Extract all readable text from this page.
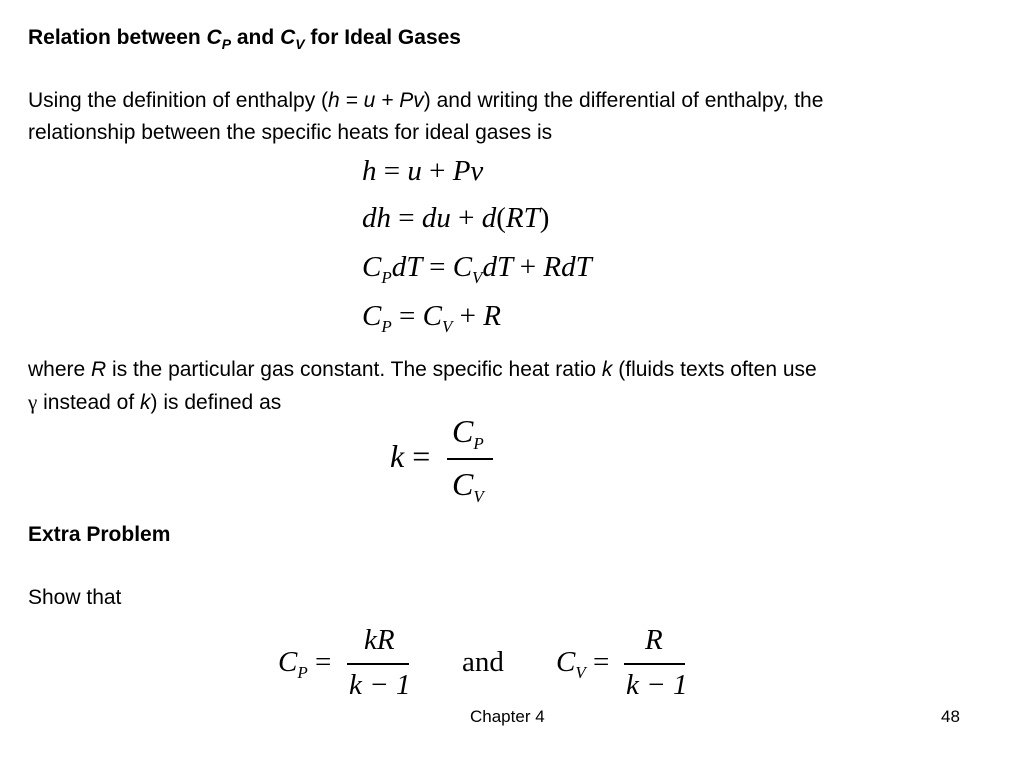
Relation between $C_P$ and $C_V$ for Ideal Gases
Using the definition of enthalpy (h = u + Pv) and writing the differential of enthalpy, the
relationship between the specific heats for ideal gases is
h = u + Pv
dh = du + d(RT)
$C_PdT = C_VdT$ + RdT
$C_P = C_V + R$
where R is the particular gas constant. The specific heat ratio k (fluids texts often use
γ instead of k) is defined as
k =
$C_P$
$C_V$
Extra Problem
Show that
$C_P$ =
kR
k − 1
and $C_V$ =
R
k − 1
Chapter 4	48
